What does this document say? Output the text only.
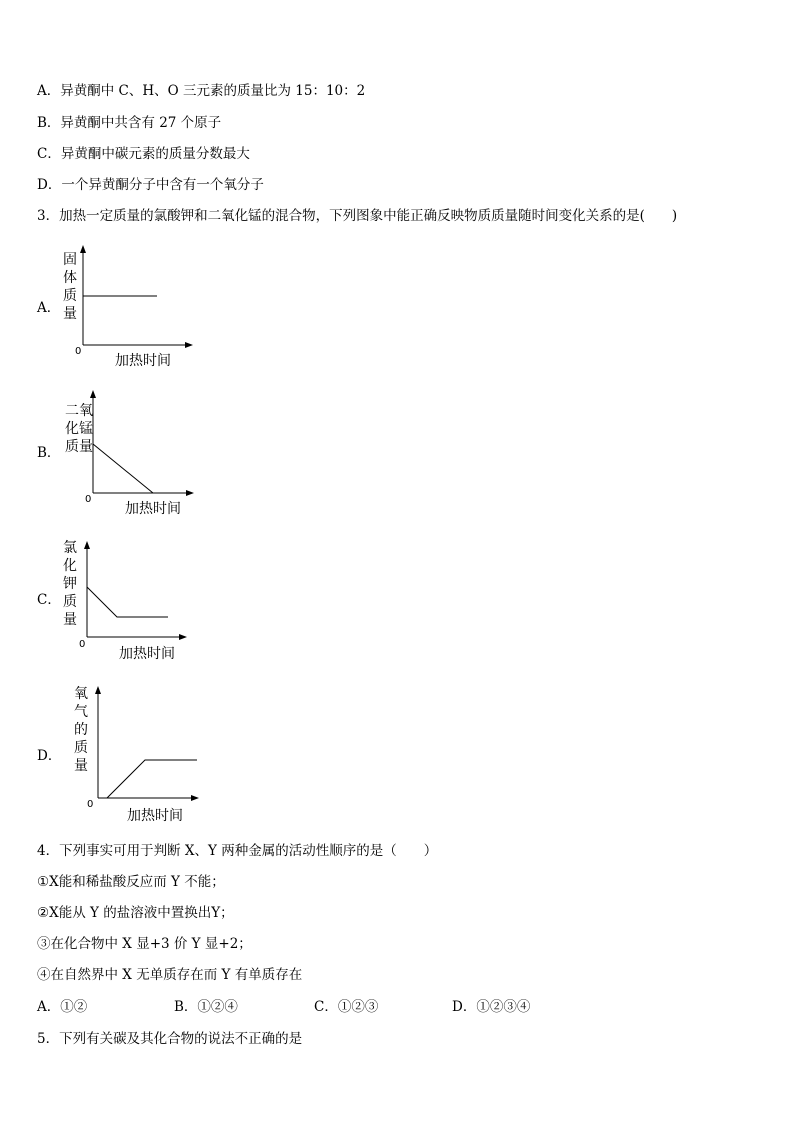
A．异黄酮中 C、H、O 三元素的质量比为 15：10：2
B．异黄酮中共含有 27 个原子
C．异黄酮中碳元素的质量分数最大
D．一个异黄酮分子中含有一个氧分子
3．加热一定质量的氯酸钾和二氧化锰的混合物，下列图象中能正确反映物质质量随时间变化关系的是(　　)
A．
固
体
质
量
0
加热时间
B．
二氧
化锰
质量
0
加热时间
C．
氯
化
钾
质
量
0
加热时间
D．
氧
气
的
质
量
0
加热时间
4．下列事实可用于判断 X、Y 两种金属的活动性顺序的是（　　）
①X能和稀盐酸反应而 Y 不能；
②X能从 Y 的盐溶液中置换出Y；
③在化合物中 X 显+3 价 Y 显+2；
④在自然界中 X 无单质存在而 Y 有单质存在
A．①②	B．①②④	C．①②③	D．①②③④
5．下列有关碳及其化合物的说法不正确的是
